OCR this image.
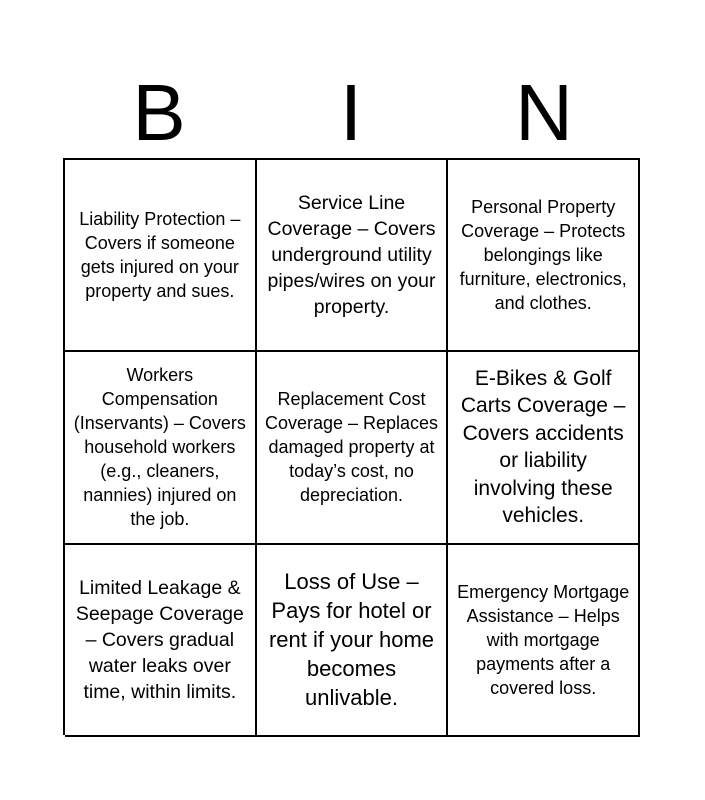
B	I	N
Liability Protection – Covers if someone gets injured on your property and sues.
Service Line Coverage – Covers underground utility pipes/wires on your property.
Personal Property Coverage – Protects belongings like furniture, electronics, and clothes.
Workers Compensation (Inservants) – Covers household workers (e.g., cleaners, nannies) injured on the job.
Replacement Cost Coverage – Replaces damaged property at today’s cost, no depreciation.
E-Bikes & Golf Carts Coverage – Covers accidents or liability involving these vehicles.
Limited Leakage & Seepage Coverage – Covers gradual water leaks over time, within limits.
Loss of Use – Pays for hotel or rent if your home becomes unlivable.
Emergency Mortgage Assistance – Helps with mortgage payments after a covered loss.
